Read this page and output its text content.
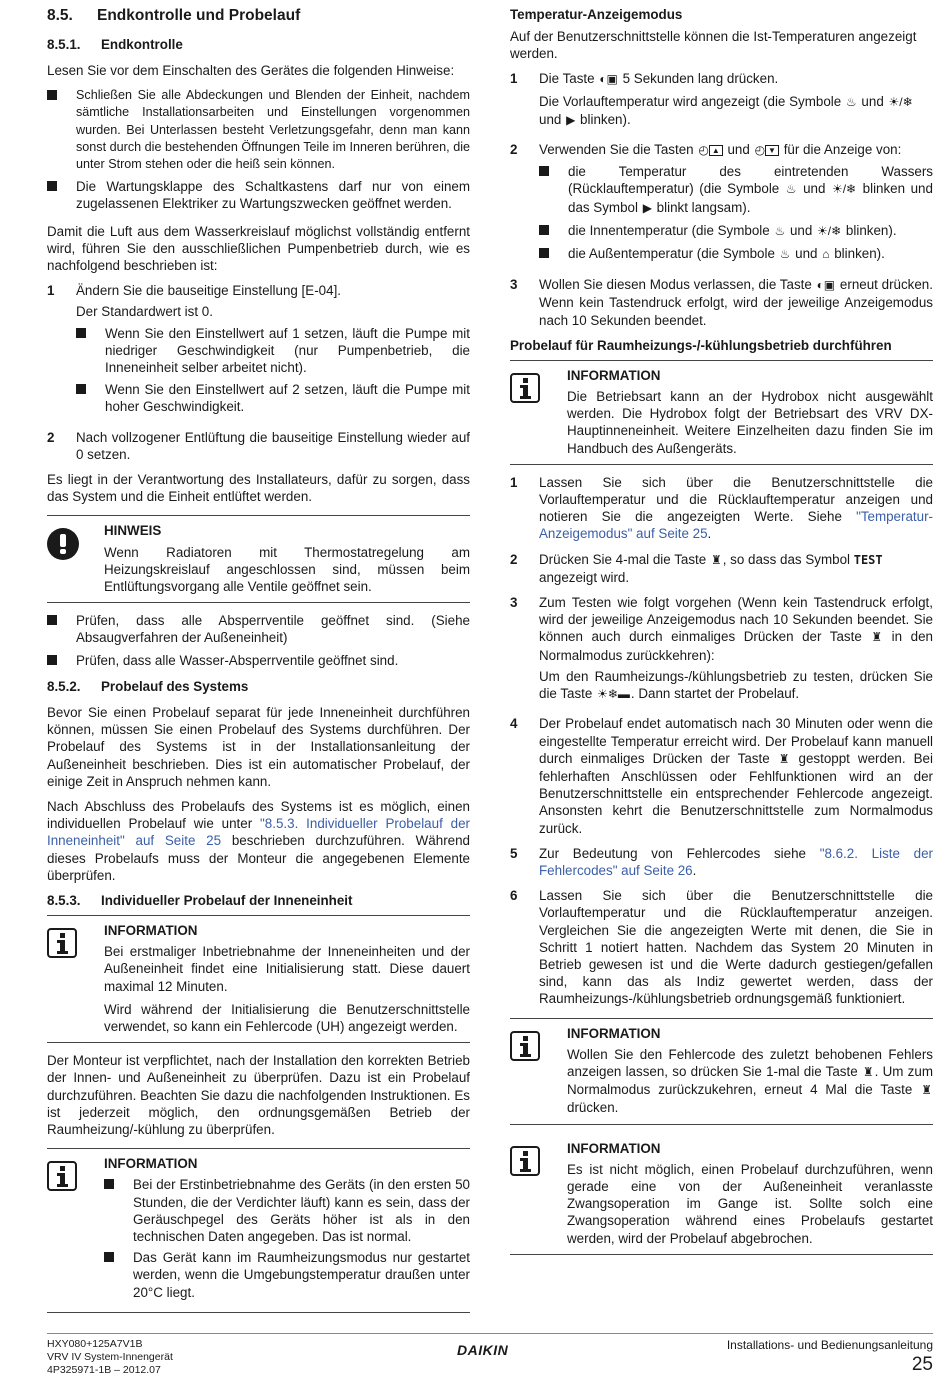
8.5.	Endkontrolle und Probelauf
8.5.1.	Endkontrolle

Lesen Sie vor dem Einschalten des Gerätes die folgenden Hinweise:

Schließen Sie alle Abdeckungen und Blenden der Einheit, nachdem sämtliche Installationsarbeiten und Einstellungen vorgenommen wurden. Bei Unterlassen besteht Verletzungsgefahr, denn man kann sonst durch die bestehenden Öffnungen Teile im Inneren berühren, die unter Strom stehen oder die heiß sein können.
Die Wartungsklappe des Schaltkastens darf nur von einem zugelassenen Elektriker zu Wartungszwecken geöffnet werden.

Damit die Luft aus dem Wasserkreislauf möglichst vollständig entfernt wird, führen Sie den ausschließlichen Pumpenbetrieb durch, wie es nachfolgend beschrieben ist:

1	Ändern Sie die bauseitige Einstellung [E-04].

Der Standardwert ist 0.

Wenn Sie den Einstellwert auf 1 setzen, läuft die Pumpe mit niedriger Geschwindigkeit (nur Pumpenbetrieb, die Inneneinheit selber arbeitet nicht).
Wenn Sie den Einstellwert auf 2 setzen, läuft die Pumpe mit hoher Geschwindigkeit.
2	Nach vollzogener Entlüftung die bauseitige Einstellung wieder auf 0 setzen.

Es liegt in der Verantwortung des Installateurs, dafür zu sorgen, dass das System und die Einheit entlüftet werden.

HINWEIS

Wenn Radiatoren mit Thermostatregelung am Heizungskreislauf angeschlossen sind, müssen beim Entlüftungsvorgang alle Ventile geöffnet sein.

Prüfen, dass alle Absperrventile geöffnet sind. (Siehe Absaugverfahren der Außeneinheit)
Prüfen, dass alle Wasser-Absperrventile geöffnet sind.
8.5.2.	Probelauf des Systems

Bevor Sie einen Probelauf separat für jede Inneneinheit durchführen können, müssen Sie einen Probelauf des Systems durchführen. Der Probelauf des Systems ist in der Installationsanleitung der Außeneinheit beschrieben. Dies ist ein automatischer Probelauf, der einige Zeit in Anspruch nehmen kann.

Nach Abschluss des Probelaufs des Systems ist es möglich, einen individuellen Probelauf wie unter "8.5.3. Individueller Probelauf der Inneneinheit" auf Seite 25 beschrieben durchzuführen. Während dieses Probelaufs muss der Monteur die angegebenen Elemente überprüfen.

8.5.3.	Individueller Probelauf der Inneneinheit
INFORMATION

Bei erstmaliger Inbetriebnahme der Inneneinheiten und der Außeneinheit findet eine Initialisierung statt. Diese dauert maximal 12 Minuten.

Wird während der Initialisierung die Benutzerschnittstelle verwendet, so kann ein Fehlercode (UH) angezeigt werden.

Der Monteur ist verpflichtet, nach der Installation den korrekten Betrieb der Innen- und Außeneinheit zu überprüfen. Dazu ist ein Probelauf durchzuführen. Beachten Sie dazu die nachfolgenden Instruktionen. Es ist jederzeit möglich, den ordnungsgemäßen Betrieb der Raumheizung/-kühlung zu überprüfen.

INFORMATION
Bei der Erstinbetriebnahme des Geräts (in den ersten 50 Stunden, die der Verdichter läuft) kann es sein, dass der Geräuschpegel des Geräts höher ist als in den technischen Daten angegeben. Das ist normal.
Das Gerät kann im Raumheizungsmodus nur gestartet werden, wenn die Umgebungstemperatur draußen unter 20°C liegt.
Temperatur-Anzeigemodus

Auf der Benutzerschnittstelle können die Ist-Temperaturen angezeigt werden.

1	Die Taste ◐▣ 5 Sekunden lang drücken.

Die Vorlauftemperatur wird angezeigt (die Symbole ♨ und ☀/❄ und ▶ blinken).

2	Verwenden Sie die Tasten ◴ ▲ und ◴ ▼ für die Anzeige von:

die Temperatur des eintretenden Wassers (Rücklauftemperatur) (die Symbole ♨ und ☀/❄ blinken und das Symbol ▶ blinkt langsam).
die Innentemperatur (die Symbole ♨ und ☀/❄ blinken).
die Außentemperatur (die Symbole ♨ und ⌂ blinken).
3	Wollen Sie diesen Modus verlassen, die Taste ◐▣ erneut drücken. Wenn kein Tastendruck erfolgt, wird der jeweilige Anzeigemodus nach 10 Sekunden beendet.
Probelauf für Raumheizungs-/-kühlungsbetrieb durchführen
INFORMATION

Die Betriebsart kann an der Hydrobox nicht ausgewählt werden. Die Hydrobox folgt der Betriebsart des VRV DX-Hauptinneneinheit. Weitere Einzelheiten dazu finden Sie im Handbuch des Außengeräts.

1	Lassen Sie sich über die Benutzerschnittstelle die Vorlauftemperatur und die Rücklauftemperatur anzeigen und notieren Sie die angezeigten Werte. Siehe "Temperatur-Anzeigemodus" auf Seite 25.
2	Drücken Sie 4-mal die Taste ♜, so dass das Symbol TEST angezeigt wird.
3	Zum Testen wie folgt vorgehen (Wenn kein Tastendruck erfolgt, wird der jeweilige Anzeigemodus nach 10 Sekunden beendet. Sie können auch durch einmaliges Drücken der Taste ♜ in den Normalmodus zurückkehren):

Um den Raumheizungs-/kühlungsbetrieb zu testen, drücken Sie die Taste ☀❄▬. Dann startet der Probelauf.

4	Der Probelauf endet automatisch nach 30 Minuten oder wenn die eingestellte Temperatur erreicht wird. Der Probelauf kann manuell durch einmaliges Drücken der Taste ♜ gestoppt werden. Bei fehlerhaften Anschlüssen oder Fehlfunktionen wird an der Benutzerschnittstelle ein entsprechender Fehlercode angezeigt. Ansonsten kehrt die Benutzerschnittstelle zum Normalmodus zurück.
5	Zur Bedeutung von Fehlercodes siehe "8.6.2. Liste der Fehlercodes" auf Seite 26.
6	Lassen Sie sich über die Benutzerschnittstelle die Vorlauftemperatur und die Rücklauftemperatur anzeigen. Vergleichen Sie die angezeigten Werte mit denen, die Sie in Schritt 1 notiert hatten. Nachdem das System 20 Minuten in Betrieb gewesen ist und die Werte dadurch gestiegen/gefallen sind, kann das als Indiz gewertet werden, dass der Raumheizungs-/kühlungsbetrieb ordnungsgemäß funktioniert.
INFORMATION

Wollen Sie den Fehlercode des zuletzt behobenen Fehlers anzeigen lassen, so drücken Sie 1-mal die Taste ♜. Um zum Normalmodus zurückzukehren, erneut 4 Mal die Taste ♜ drücken.

INFORMATION

Es ist nicht möglich, einen Probelauf durchzuführen, wenn gerade eine von der Außeneinheit veranlasste Zwangsoperation im Gange ist. Sollte solch eine Zwangsoperation während eines Probelaufs gestartet werden, wird der Probelauf abgebrochen.

HXY080+125A7V1B
VRV IV System-Innengerät
4P325971-1B – 2012.07
DAIKIN	Installations- und Bedienungsanleitung
25
